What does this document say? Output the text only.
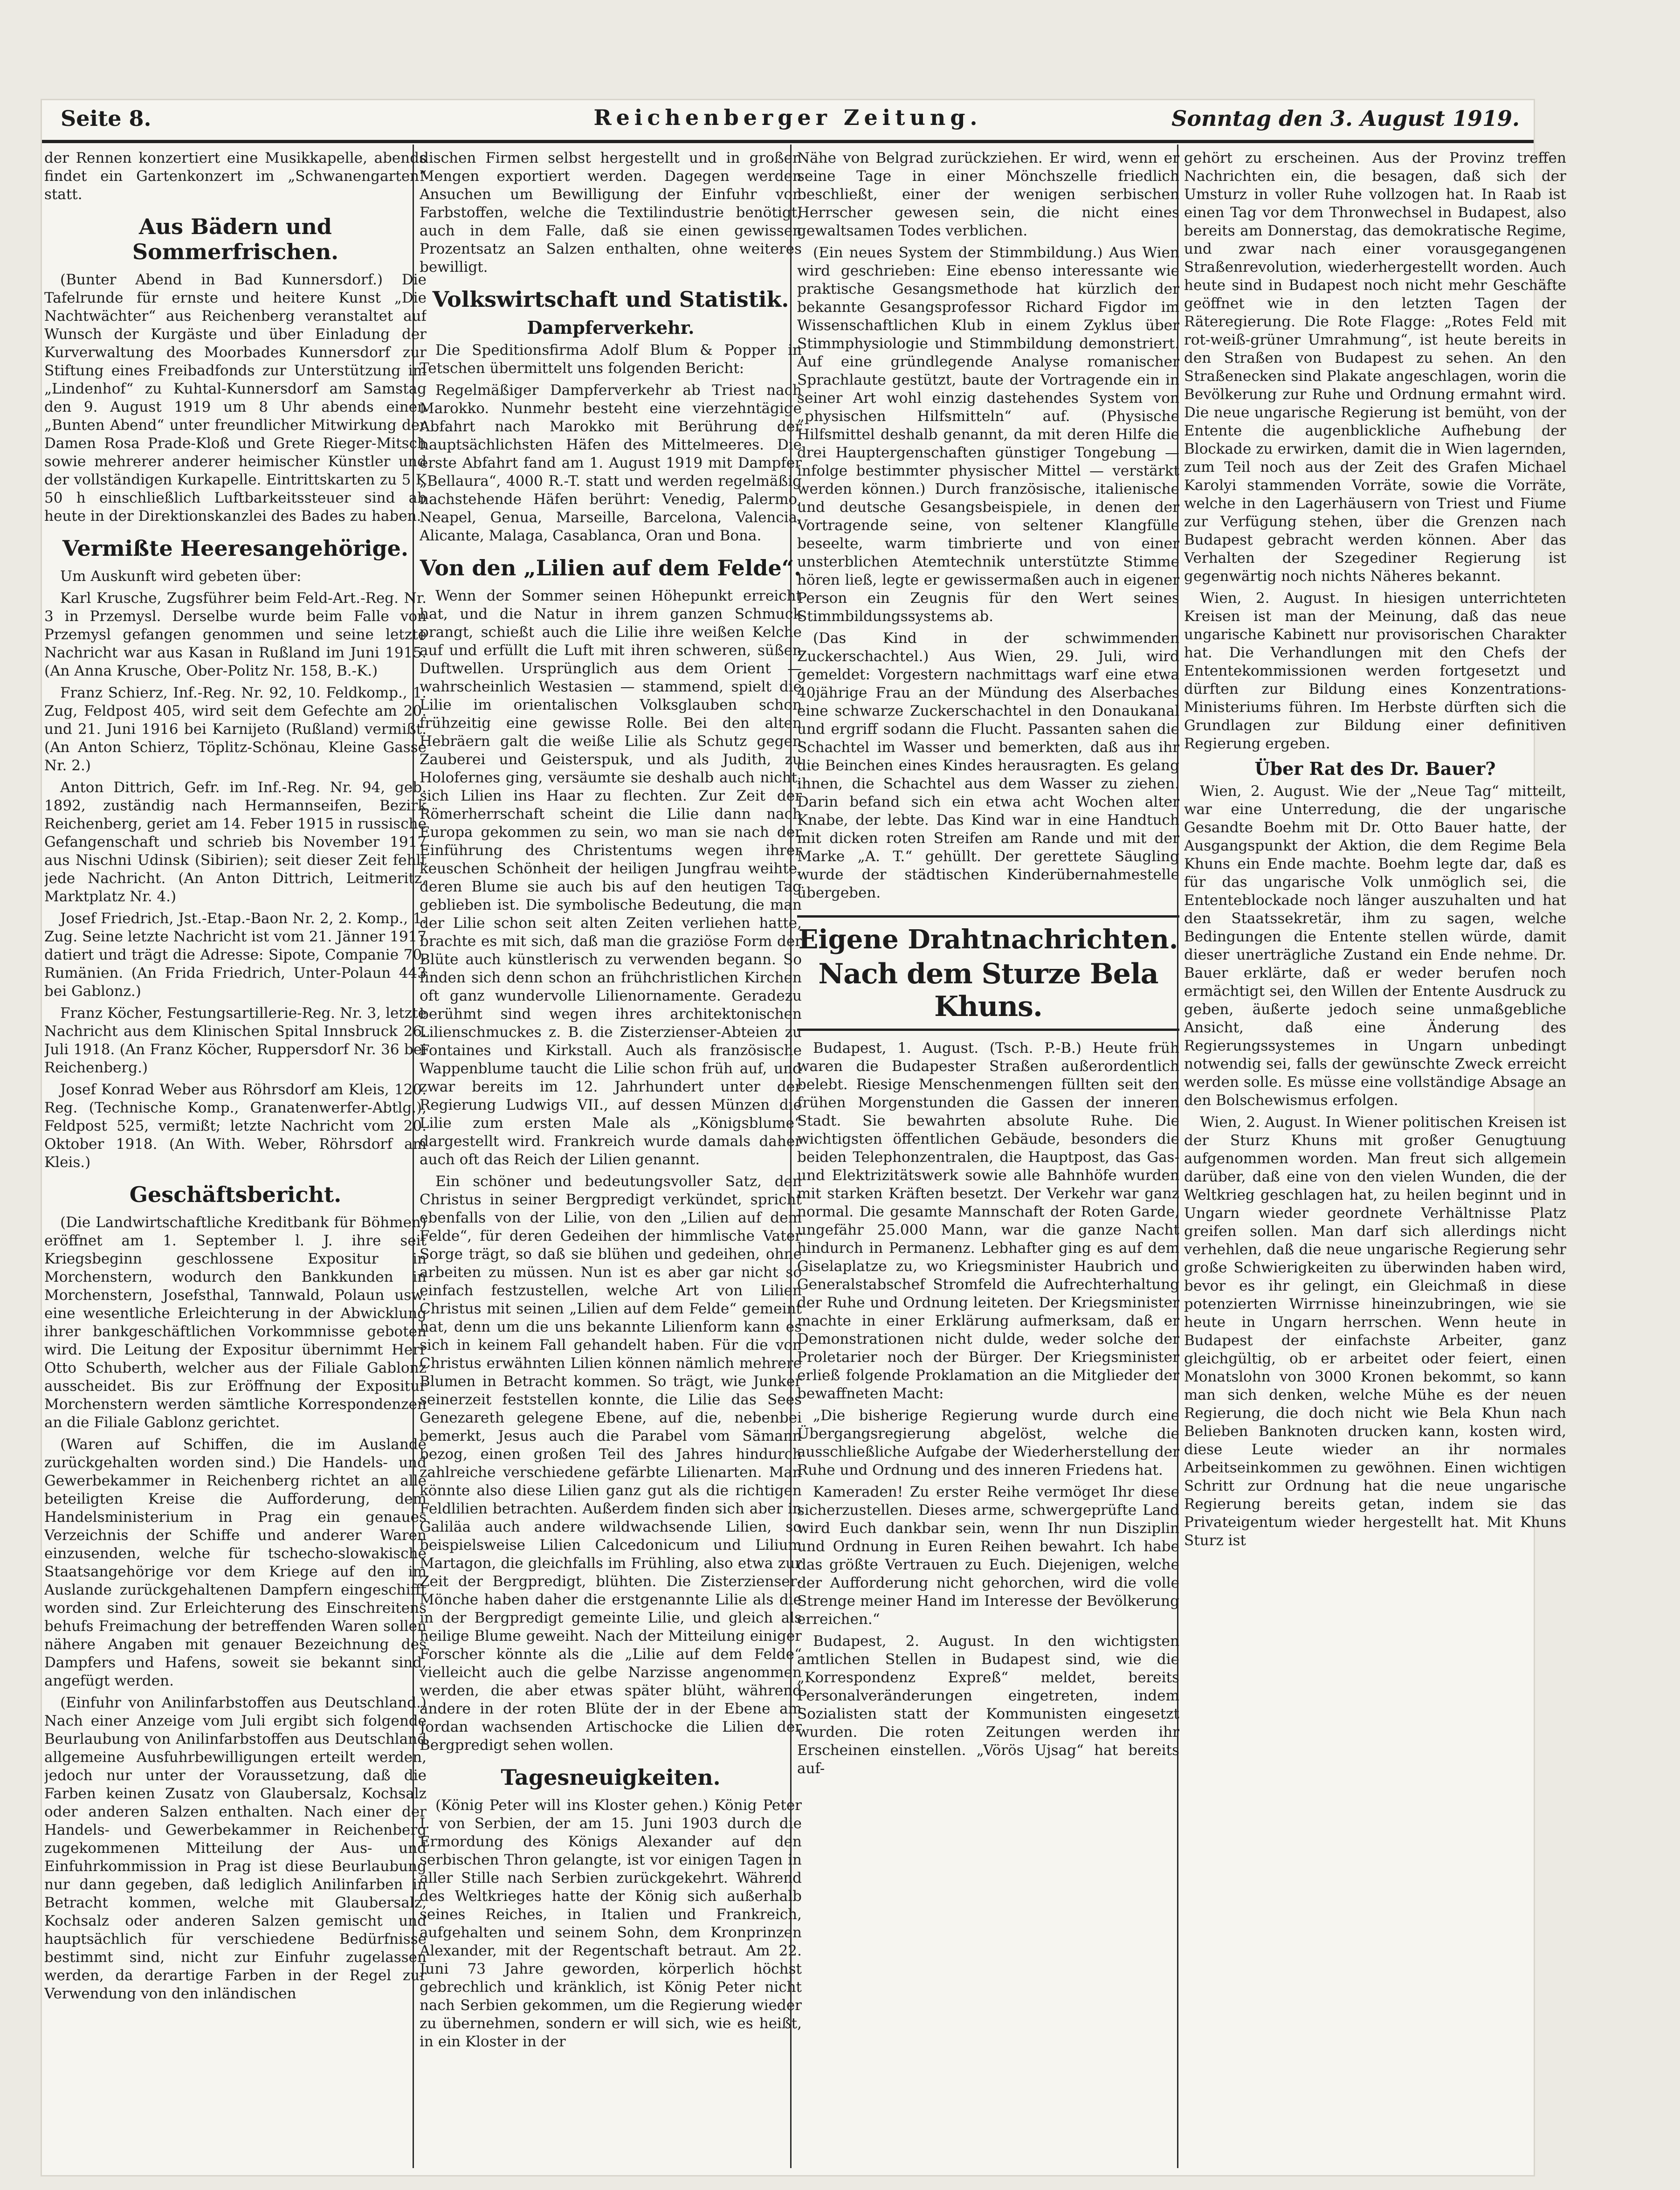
Seite 8.	Reichenberger Zeitung.	Sonntag den 3. August 1919.

der Rennen konzertiert eine Musikkapelle, abends findet ein Gartenkonzert im „Schwanengarten“ statt.

Aus Bädern und Sommerfrischen.

(Bunter Abend in Bad Kunnersdorf.) Die Tafelrunde für ernste und heitere Kunst „Die Nachtwächter“ aus Reichenberg veranstaltet auf Wunsch der Kurgäste und über Einladung der Kurverwaltung des Moorbades Kunnersdorf zur Stiftung eines Freibadfonds zur Unterstützung im „Lindenhof“ zu Kuhtal-Kunnersdorf am Samstag den 9. August 1919 um 8 Uhr abends einen „Bunten Abend“ unter freundlicher Mitwirkung der Damen Rosa Prade-Kloß und Grete Rieger-Mitsch sowie mehrerer anderer heimischer Künstler und der vollständigen Kurkapelle. Eintrittskarten zu 5 K 50 h einschließlich Luftbarkeitssteuer sind ab heute in der Direktionskanzlei des Bades zu haben.

Vermißte Heeresangehörige.

Um Auskunft wird gebeten über:

Karl Krusche, Zugsführer beim Feld-Art.-Reg. Nr. 3 in Przemysl. Derselbe wurde beim Falle von Przemysl gefangen genommen und seine letzte Nachricht war aus Kasan in Rußland im Juni 1915. (An Anna Krusche, Ober-Politz Nr. 158, B.-K.)

Franz Schierz, Inf.-Reg. Nr. 92, 10. Feldkomp., 1. Zug, Feldpost 405, wird seit dem Gefechte am 20. und 21. Juni 1916 bei Karnijeto (Rußland) vermißt. (An Anton Schierz, Töplitz-Schönau, Kleine Gasse Nr. 2.)

Anton Dittrich, Gefr. im Inf.-Reg. Nr. 94, geb. 1892, zuständig nach Hermannseifen, Bezirk Reichenberg, geriet am 14. Feber 1915 in russische Gefangenschaft und schrieb bis November 1917 aus Nischni Udinsk (Sibirien); seit dieser Zeit fehlt jede Nachricht. (An Anton Dittrich, Leitmeritz, Marktplatz Nr. 4.)

Josef Friedrich, Jst.-Etap.-Baon Nr. 2, 2. Komp., 1. Zug. Seine letzte Nachricht ist vom 21. Jänner 1917 datiert und trägt die Adresse: Sipote, Companie 70, Rumänien. (An Frida Friedrich, Unter-Polaun 443 bei Gablonz.)

Franz Köcher, Festungsartillerie-Reg. Nr. 3, letzte Nachricht aus dem Klinischen Spital Innsbruck 26. Juli 1918. (An Franz Köcher, Ruppersdorf Nr. 36 bei Reichenberg.)

Josef Konrad Weber aus Röhrsdorf am Kleis, 120. Reg. (Technische Komp., Granatenwerfer-Abtlg.), Feldpost 525, vermißt; letzte Nachricht vom 20. Oktober 1918. (An With. Weber, Röhrsdorf am Kleis.)

Geschäftsbericht.

(Die Landwirtschaftliche Kreditbank für Böhmen) eröffnet am 1. September l. J. ihre seit Kriegsbeginn geschlossene Expositur in Morchenstern, wodurch den Bankkunden in Morchenstern, Josefsthal, Tannwald, Polaun usw. eine wesentliche Erleichterung in der Abwicklung ihrer bankgeschäftlichen Vorkommnisse geboten wird. Die Leitung der Expositur übernimmt Herr Otto Schuberth, welcher aus der Filiale Gablonz ausscheidet. Bis zur Eröffnung der Expositur Morchenstern werden sämtliche Korrespondenzen an die Filiale Gablonz gerichtet.

(Waren auf Schiffen, die im Auslande zurückgehalten worden sind.) Die Handels- und Gewerbekammer in Reichenberg richtet an alle beteiligten Kreise die Aufforderung, dem Handelsministerium in Prag ein genaues Verzeichnis der Schiffe und anderer Waren einzusenden, welche für tschecho-slowakische Staatsangehörige vor dem Kriege auf den im Auslande zurückgehaltenen Dampfern eingeschifft worden sind. Zur Erleichterung des Einschreitens behufs Freimachung der betreffenden Waren sollen nähere Angaben mit genauer Bezeichnung des Dampfers und Hafens, soweit sie bekannt sind, angefügt werden.

(Einfuhr von Anilinfarbstoffen aus Deutschland.) Nach einer Anzeige vom Juli ergibt sich folgende Beurlaubung von Anilinfarbstoffen aus Deutschland allgemeine Ausfuhrbewilligungen erteilt werden, jedoch nur unter der Voraussetzung, daß die Farben keinen Zusatz von Glaubersalz, Kochsalz oder anderen Salzen enthalten. Nach einer der Handels- und Gewerbekammer in Reichenberg zugekommenen Mitteilung der Aus- und Einfuhrkommission in Prag ist diese Beurlaubung nur dann gegeben, daß lediglich Anilinfarben in Betracht kommen, welche mit Glaubersalz, Kochsalz oder anderen Salzen gemischt und hauptsächlich für verschiedene Bedürfnisse bestimmt sind, nicht zur Einfuhr zugelassen werden, da derartige Farben in der Regel zur Verwendung von den inländischen

dischen Firmen selbst hergestellt und in großen Mengen exportiert werden. Dagegen werden Ansuchen um Bewilligung der Einfuhr von Farbstoffen, welche die Textilindustrie benötigt, auch in dem Falle, daß sie einen gewissen Prozentsatz an Salzen enthalten, ohne weiteres bewilligt.

Volkswirtschaft und Statistik.
Dampferverkehr.

Die Speditionsfirma Adolf Blum & Popper in Tetschen übermittelt uns folgenden Bericht:

Regelmäßiger Dampferverkehr ab Triest nach Marokko. Nunmehr besteht eine vierzehntägige Abfahrt nach Marokko mit Berührung der hauptsächlichsten Häfen des Mittelmeeres. Die erste Abfahrt fand am 1. August 1919 mit Dampfer „Bellaura“, 4000 R.-T. statt und werden regelmäßig nachstehende Häfen berührt: Venedig, Palermo, Neapel, Genua, Marseille, Barcelona, Valencia, Alicante, Malaga, Casablanca, Oran und Bona.

Von den „Lilien auf dem Felde“.

Wenn der Sommer seinen Höhepunkt erreicht hat, und die Natur in ihrem ganzen Schmuck prangt, schießt auch die Lilie ihre weißen Kelche auf und erfüllt die Luft mit ihren schweren, süßen Duftwellen. Ursprünglich aus dem Orient — wahrscheinlich Westasien — stammend, spielt die Lilie im orientalischen Volksglauben schon frühzeitig eine gewisse Rolle. Bei den alten Hebräern galt die weiße Lilie als Schutz gegen Zauberei und Geisterspuk, und als Judith, zu Holofernes ging, versäumte sie deshalb auch nicht, sich Lilien ins Haar zu flechten. Zur Zeit der Römerherrschaft scheint die Lilie dann nach Europa gekommen zu sein, wo man sie nach der Einführung des Christentums wegen ihrer keuschen Schönheit der heiligen Jungfrau weihte, deren Blume sie auch bis auf den heutigen Tag geblieben ist. Die symbolische Bedeutung, die man der Lilie schon seit alten Zeiten verliehen hatte, brachte es mit sich, daß man die graziöse Form der Blüte auch künstlerisch zu verwenden begann. So finden sich denn schon an frühchristlichen Kirchen oft ganz wundervolle Lilienornamente. Geradezu berühmt sind wegen ihres architektonischen Lilienschmuckes z. B. die Zisterzienser-Abteien zu Fontaines und Kirkstall. Auch als französische Wappenblume taucht die Lilie schon früh auf, und zwar bereits im 12. Jahrhundert unter der Regierung Ludwigs VII., auf dessen Münzen die Lilie zum ersten Male als „Königsblume“ dargestellt wird. Frankreich wurde damals daher auch oft das Reich der Lilien genannt.

Ein schöner und bedeutungsvoller Satz, den Christus in seiner Bergpredigt verkündet, spricht ebenfalls von der Lilie, von den „Lilien auf dem Felde“, für deren Gedeihen der himmlische Vater Sorge trägt, so daß sie blühen und gedeihen, ohne arbeiten zu müssen. Nun ist es aber gar nicht so einfach festzustellen, welche Art von Lilien Christus mit seinen „Lilien auf dem Felde“ gemeint hat, denn um die uns bekannte Lilienform kann es sich in keinem Fall gehandelt haben. Für die von Christus erwähnten Lilien können nämlich mehrere Blumen in Betracht kommen. So trägt, wie Junker seinerzeit feststellen konnte, die Lilie das Sees Genezareth gelegene Ebene, auf die, nebenbei bemerkt, Jesus auch die Parabel vom Sämann bezog, einen großen Teil des Jahres hindurch zahlreiche verschiedene gefärbte Lilienarten. Man könnte also diese Lilien ganz gut als die richtigen Feldlilien betrachten. Außerdem finden sich aber in Galiläa auch andere wildwachsende Lilien, so beispielsweise Lilien Calcedonicum und Lilium Martagon, die gleichfalls im Frühling, also etwa zur Zeit der Bergpredigt, blühten. Die Zisterzienser-Mönche haben daher die erstgenannte Lilie als die in der Bergpredigt gemeinte Lilie, und gleich als heilige Blume geweiht. Nach der Mitteilung einiger Forscher könnte als die „Lilie auf dem Felde“ vielleicht auch die gelbe Narzisse angenommen werden, die aber etwas später blüht, während andere in der roten Blüte der in der Ebene am Jordan wachsenden Artischocke die Lilien der Bergpredigt sehen wollen.

Tagesneuigkeiten.

(König Peter will ins Kloster gehen.) König Peter I. von Serbien, der am 15. Juni 1903 durch die Ermordung des Königs Alexander auf den serbischen Thron gelangte, ist vor einigen Tagen in aller Stille nach Serbien zurückgekehrt. Während des Weltkrieges hatte der König sich außerhalb seines Reiches, in Italien und Frankreich, aufgehalten und seinem Sohn, dem Kronprinzen Alexander, mit der Regentschaft betraut. Am 22. Juni 73 Jahre geworden, körperlich höchst gebrechlich und kränklich, ist König Peter nicht nach Serbien gekommen, um die Regierung wieder zu übernehmen, sondern er will sich, wie es heißt, in ein Kloster in der

Nähe von Belgrad zurückziehen. Er wird, wenn er seine Tage in einer Mönchszelle friedlich beschließt, einer der wenigen serbischen Herrscher gewesen sein, die nicht eines gewaltsamen Todes verblichen.

(Ein neues System der Stimmbildung.) Aus Wien wird geschrieben: Eine ebenso interessante wie praktische Gesangsmethode hat kürzlich der bekannte Gesangsprofessor Richard Figdor im Wissenschaftlichen Klub in einem Zyklus über Stimmphysiologie und Stimmbildung demonstriert. Auf eine gründlegende Analyse romanischer Sprachlaute gestützt, baute der Vortragende ein in seiner Art wohl einzig dastehendes System von „physischen Hilfsmitteln“ auf. (Physische Hilfsmittel deshalb genannt, da mit deren Hilfe die drei Hauptergenschaften günstiger Tongebung — infolge bestimmter physischer Mittel — verstärkt werden können.) Durch französische, italienische und deutsche Gesangsbeispiele, in denen der Vortragende seine, von seltener Klangfülle beseelte, warm timbrierte und von einer unsterblichen Atemtechnik unterstützte Stimme hören ließ, legte er gewissermaßen auch in eigener Person ein Zeugnis für den Wert seines Stimmbildungssystems ab.

(Das Kind in der schwimmenden Zuckerschachtel.) Aus Wien, 29. Juli, wird gemeldet: Vorgestern nachmittags warf eine etwa 40jährige Frau an der Mündung des Alserbaches eine schwarze Zuckerschachtel in den Donaukanal und ergriff sodann die Flucht. Passanten sahen die Schachtel im Wasser und bemerkten, daß aus ihr die Beinchen eines Kindes herausragten. Es gelang ihnen, die Schachtel aus dem Wasser zu ziehen. Darin befand sich ein etwa acht Wochen alter Knabe, der lebte. Das Kind war in eine Handtuch mit dicken roten Streifen am Rande und mit der Marke „A. T.“ gehüllt. Der gerettete Säugling wurde der städtischen Kinderübernahmestelle übergeben.

Eigene Drahtnachrichten.
Nach dem Sturze Bela Khuns.

Budapest, 1. August. (Tsch. P.-B.) Heute früh waren die Budapester Straßen außerordentlich belebt. Riesige Menschenmengen füllten seit den frühen Morgenstunden die Gassen der inneren Stadt. Sie bewahrten absolute Ruhe. Die wichtigsten öffentlichen Gebäude, besonders die beiden Telephonzentralen, die Hauptpost, das Gas- und Elektrizitätswerk sowie alle Bahnhöfe wurden mit starken Kräften besetzt. Der Verkehr war ganz normal. Die gesamte Mannschaft der Roten Garde, ungefähr 25.000 Mann, war die ganze Nacht hindurch in Permanenz. Lebhafter ging es auf dem Giselaplatze zu, wo Kriegsminister Haubrich und Generalstabschef Stromfeld die Aufrechterhaltung der Ruhe und Ordnung leiteten. Der Kriegsminister machte in einer Erklärung aufmerksam, daß er Demonstrationen nicht dulde, weder solche der Proletarier noch der Bürger. Der Kriegsminister erließ folgende Proklamation an die Mitglieder der bewaffneten Macht:

„Die bisherige Regierung wurde durch eine Übergangsregierung abgelöst, welche die ausschließliche Aufgabe der Wiederherstellung der Ruhe und Ordnung und des inneren Friedens hat.

Kameraden! Zu erster Reihe vermöget Ihr diese sicherzustellen. Dieses arme, schwergeprüfte Land wird Euch dankbar sein, wenn Ihr nun Disziplin und Ordnung in Euren Reihen bewahrt. Ich habe das größte Vertrauen zu Euch. Diejenigen, welche der Aufforderung nicht gehorchen, wird die volle Strenge meiner Hand im Interesse der Bevölkerung erreichen.“

Budapest, 2. August. In den wichtigsten amtlichen Stellen in Budapest sind, wie die „Korrespondenz Expreß“ meldet, bereits Personalveränderungen eingetreten, indem Sozialisten statt der Kommunisten eingesetzt wurden. Die roten Zeitungen werden ihr Erscheinen einstellen. „Vörös Ujsag“ hat bereits auf-

gehört zu erscheinen. Aus der Provinz treffen Nachrichten ein, die besagen, daß sich der Umsturz in voller Ruhe vollzogen hat. In Raab ist einen Tag vor dem Thronwechsel in Budapest, also bereits am Donnerstag, das demokratische Regime, und zwar nach einer vorausgegangenen Straßenrevolution, wiederhergestellt worden. Auch heute sind in Budapest noch nicht mehr Geschäfte geöffnet wie in den letzten Tagen der Räteregierung. Die Rote Flagge: „Rotes Feld mit rot-weiß-grüner Umrahmung“, ist heute bereits in den Straßen von Budapest zu sehen. An den Straßenecken sind Plakate angeschlagen, worin die Bevölkerung zur Ruhe und Ordnung ermahnt wird. Die neue ungarische Regierung ist bemüht, von der Entente die augenblickliche Aufhebung der Blockade zu erwirken, damit die in Wien lagernden, zum Teil noch aus der Zeit des Grafen Michael Karolyi stammenden Vorräte, sowie die Vorräte, welche in den Lagerhäusern von Triest und Fiume zur Verfügung stehen, über die Grenzen nach Budapest gebracht werden können. Aber das Verhalten der Szegediner Regierung ist gegenwärtig noch nichts Näheres bekannt.

Wien, 2. August. In hiesigen unterrichteten Kreisen ist man der Meinung, daß das neue ungarische Kabinett nur provisorischen Charakter hat. Die Verhandlungen mit den Chefs der Ententekommissionen werden fortgesetzt und dürften zur Bildung eines Konzentrations-Ministeriums führen. Im Herbste dürften sich die Grundlagen zur Bildung einer definitiven Regierung ergeben.

Über Rat des Dr. Bauer?

Wien, 2. August. Wie der „Neue Tag“ mitteilt, war eine Unterredung, die der ungarische Gesandte Boehm mit Dr. Otto Bauer hatte, der Ausgangspunkt der Aktion, die dem Regime Bela Khuns ein Ende machte. Boehm legte dar, daß es für das ungarische Volk unmöglich sei, die Ententeblockade noch länger auszuhalten und hat den Staatssekretär, ihm zu sagen, welche Bedingungen die Entente stellen würde, damit dieser unerträgliche Zustand ein Ende nehme. Dr. Bauer erklärte, daß er weder berufen noch ermächtigt sei, den Willen der Entente Ausdruck zu geben, äußerte jedoch seine unmaßgebliche Ansicht, daß eine Änderung des Regierungssystemes in Ungarn unbedingt notwendig sei, falls der gewünschte Zweck erreicht werden solle. Es müsse eine vollständige Absage an den Bolschewismus erfolgen.

Wien, 2. August. In Wiener politischen Kreisen ist der Sturz Khuns mit großer Genugtuung aufgenommen worden. Man freut sich allgemein darüber, daß eine von den vielen Wunden, die der Weltkrieg geschlagen hat, zu heilen beginnt und in Ungarn wieder geordnete Verhältnisse Platz greifen sollen. Man darf sich allerdings nicht verhehlen, daß die neue ungarische Regierung sehr große Schwierigkeiten zu überwinden haben wird, bevor es ihr gelingt, ein Gleichmaß in diese potenzierten Wirrnisse hineinzubringen, wie sie heute in Ungarn herrschen. Wenn heute in Budapest der einfachste Arbeiter, ganz gleichgültig, ob er arbeitet oder feiert, einen Monatslohn von 3000 Kronen bekommt, so kann man sich denken, welche Mühe es der neuen Regierung, die doch nicht wie Bela Khun nach Belieben Banknoten drucken kann, kosten wird, diese Leute wieder an ihr normales Arbeitseinkommen zu gewöhnen. Einen wichtigen Schritt zur Ordnung hat die neue ungarische Regierung bereits getan, indem sie das Privateigentum wieder hergestellt hat. Mit Khuns Sturz ist
